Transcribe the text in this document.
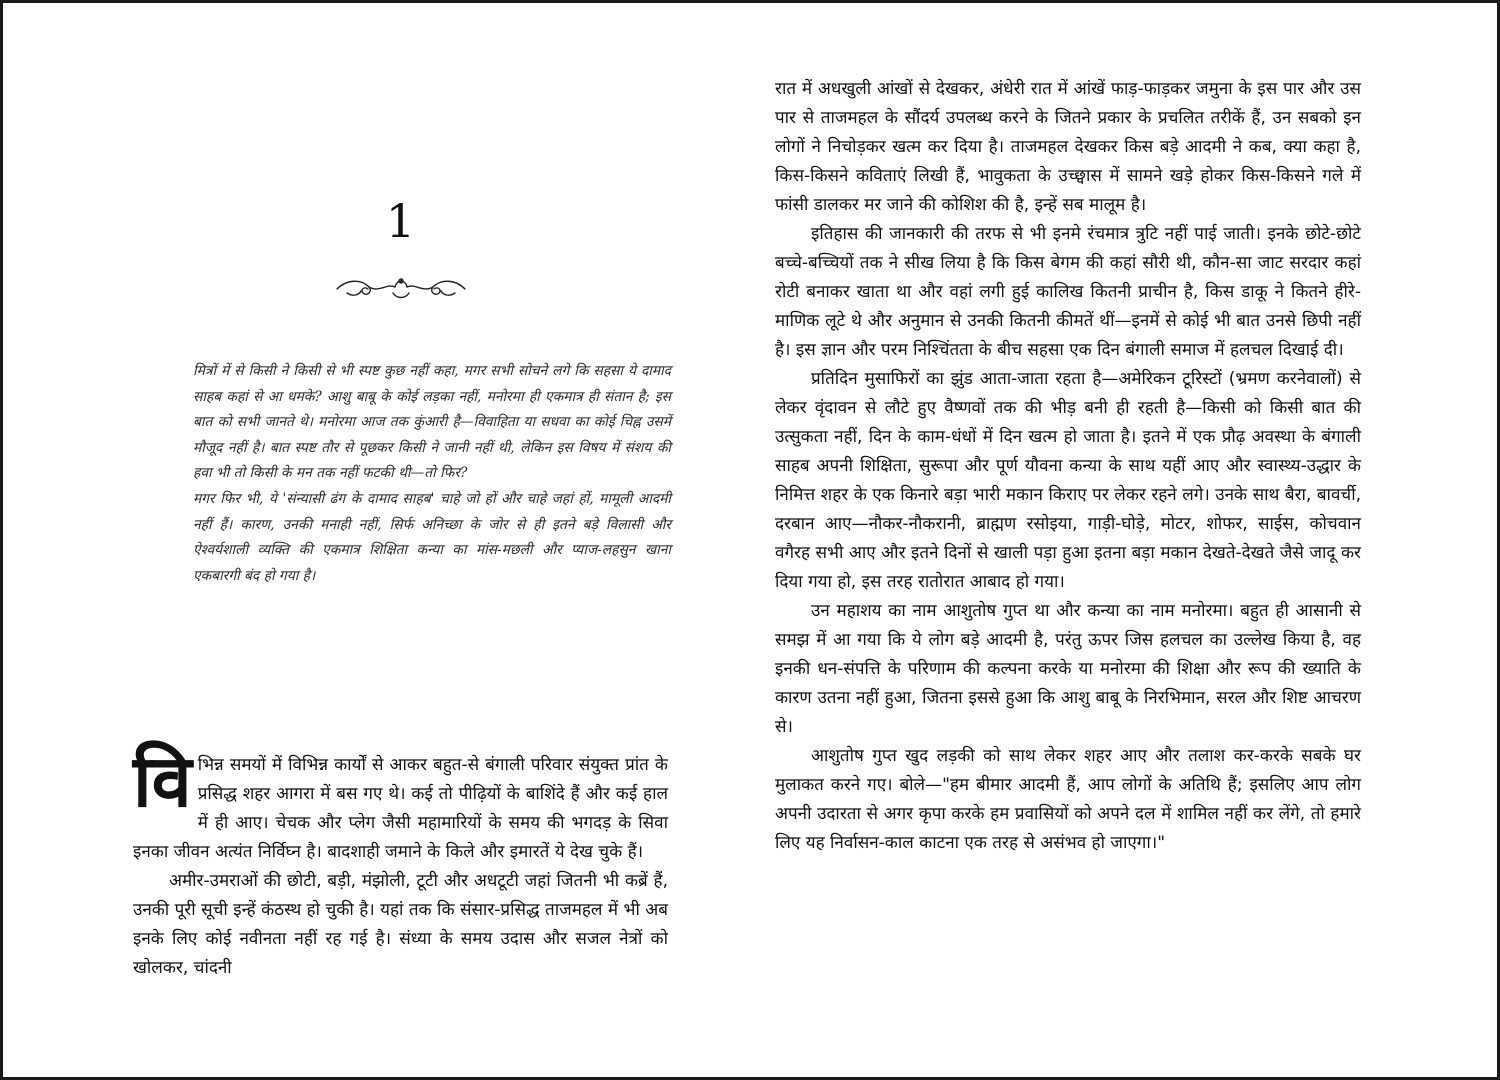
1

मित्रों में से किसी ने किसी से भी स्पष्ट कुछ नहीं कहा, मगर सभी सोचने लगे कि सहसा ये दामाद साहब कहां से आ धमके? आशु बाबू के कोई लड़का नहीं, मनोरमा ही एकमात्र ही संतान है; इस बात को सभी जानते थे। मनोरमा आज तक कुंआरी है—विवाहिता या सधवा का कोई चिह्न उसमें मौजूद नहीं है। बात स्पष्ट तौर से पूछकर किसी ने जानी नहीं थी, लेकिन इस विषय में संशय की हवा भी तो किसी के मन तक नहीं फटकी थी—तो फिर?

मगर फिर भी, ये 'संन्यासी ढंग के दामाद साहब' चाहे जो हों और चाहे जहां हों, मामूली आदमी नहीं हैं। कारण, उनकी मनाही नहीं, सिर्फ अनिच्छा के जोर से ही इतने बड़े विलासी और ऐश्वर्यशाली व्यक्ति की एकमात्र शिक्षिता कन्या का मांस-मछली और प्याज-लहसुन खाना एकबारगी बंद हो गया है।

विभिन्न समयों में विभिन्न कार्यों से आकर बहुत-से बंगाली परिवार संयुक्त प्रांत के प्रसिद्ध शहर आगरा में बस गए थे। कई तो पीढ़ियों के बाशिंदे हैं और कई हाल में ही आए। चेचक और प्लेग जैसी महामारियों के समय की भगदड़ के सिवा इनका जीवन अत्यंत निर्विघ्न है। बादशाही जमाने के किले और इमारतें ये देख चुके हैं।

अमीर-उमराओं की छोटी, बड़ी, मंझोली, टूटी और अधटूटी जहां जितनी भी कब्रें हैं, उनकी पूरी सूची इन्हें कंठस्थ हो चुकी है। यहां तक कि संसार-प्रसिद्ध ताजमहल में भी अब इनके लिए कोई नवीनता नहीं रह गई है। संध्या के समय उदास और सजल नेत्रों को खोलकर, चांदनी

रात में अधखुली आंखों से देखकर, अंधेरी रात में आंखें फाड़-फाड़कर जमुना के इस पार और उस पार से ताजमहल के सौंदर्य उपलब्ध करने के जितने प्रकार के प्रचलित तरीकें हैं, उन सबको इन लोगों ने निचोड़कर खत्म कर दिया है। ताजमहल देखकर किस बड़े आदमी ने कब, क्या कहा है, किस-किसने कविताएं लिखी हैं, भावुकता के उच्छ्वास में सामने खड़े होकर किस-किसने गले में फांसी डालकर मर जाने की कोशिश की है, इन्हें सब मालूम है।

इतिहास की जानकारी की तरफ से भी इनमे रंचमात्र त्रुटि नहीं पाई जाती। इनके छोटे-छोटे बच्चे-बच्चियों तक ने सीख लिया है कि किस बेगम की कहां सौरी थी, कौन-सा जाट सरदार कहां रोटी बनाकर खाता था और वहां लगी हुई कालिख कितनी प्राचीन है, किस डाकू ने कितने हीरे-माणिक लूटे थे और अनुमान से उनकी कितनी कीमतें थीं—इनमें से कोई भी बात उनसे छिपी नहीं है। इस ज्ञान और परम निश्चिंतता के बीच सहसा एक दिन बंगाली समाज में हलचल दिखाई दी।

प्रतिदिन मुसाफिरों का झुंड आता-जाता रहता है—अमेरिकन टूरिस्टों (भ्रमण करनेवालों) से लेकर वृंदावन से लौटे हुए वैष्णवों तक की भीड़ बनी ही रहती है—किसी को किसी बात की उत्सुकता नहीं, दिन के काम-धंधों में दिन खत्म हो जाता है। इतने में एक प्रौढ़ अवस्था के बंगाली साहब अपनी शिक्षिता, सुरूपा और पूर्ण यौवना कन्या के साथ यहीं आए और स्वास्थ्य-उद्धार के निमित्त शहर के एक किनारे बड़ा भारी मकान किराए पर लेकर रहने लगे। उनके साथ बैरा, बावर्ची, दरबान आए—नौकर-नौकरानी, ब्राह्मण रसोइया, गाड़ी-घोड़े, मोटर, शोफर, साईस, कोचवान वगैरह सभी आए और इतने दिनों से खाली पड़ा हुआ इतना बड़ा मकान देखते-देखते जैसे जादू कर दिया गया हो, इस तरह रातोरात आबाद हो गया।

उन महाशय का नाम आशुतोष गुप्त था और कन्या का नाम मनोरमा। बहुत ही आसानी से समझ में आ गया कि ये लोग बड़े आदमी है, परंतु ऊपर जिस हलचल का उल्लेख किया है, वह इनकी धन-संपत्ति के परिणाम की कल्पना करके या मनोरमा की शिक्षा और रूप की ख्याति के कारण उतना नहीं हुआ, जितना इससे हुआ कि आशु बाबू के निरभिमान, सरल और शिष्ट आचरण से।

आशुतोष गुप्त खुद लड़की को साथ लेकर शहर आए और तलाश कर-करके सबके घर मुलाकत करने गए। बोले—"हम बीमार आदमी हैं, आप लोगों के अतिथि हैं; इसलिए आप लोग अपनी उदारता से अगर कृपा करके हम प्रवासियों को अपने दल में शामिल नहीं कर लेंगे, तो हमारे लिए यह निर्वासन-काल काटना एक तरह से असंभव हो जाएगा।"
